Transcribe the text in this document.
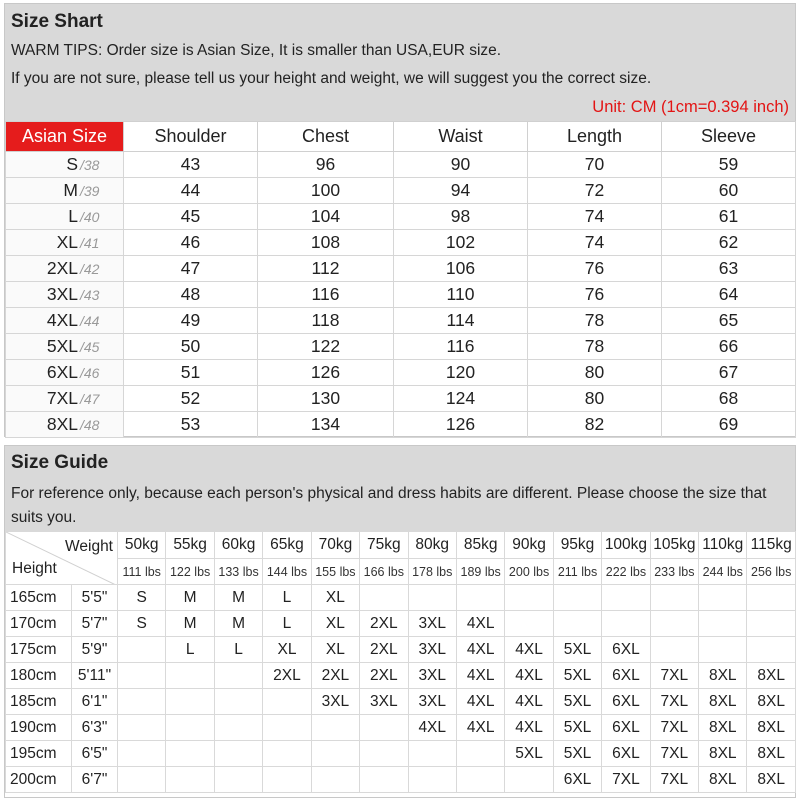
Size Shart
WARM TIPS: Order size is Asian Size, It is smaller than USA,EUR size.
If you are not sure, please tell us your height and weight, we will suggest you the correct size.
Unit: CM (1cm=0.394 inch)
Asian Size	Shoulder	Chest	Waist	Length	Sleeve
S /38	43	96	90	70	59
M /39	44	100	94	72	60
L /40	45	104	98	74	61
XL /41	46	108	102	74	62
2XL /42	47	112	106	76	63
3XL /43	48	116	110	76	64
4XL /44	49	118	114	78	65
5XL /45	50	122	116	78	66
6XL /46	51	126	120	80	67
7XL /47	52	130	124	80	68
8XL /48	53	134	126	82	69
Size Guide
For reference only, because each person's physical and dress habits are different. Please choose the size that suits you.
Weight
Height		50kg	55kg	60kg	65kg	70kg	75kg	80kg	85kg	90kg	95kg	100kg	105kg	110kg	115kg
		111 lbs	122 lbs	133 lbs	144 lbs	155 lbs	166 lbs	178 lbs	189 lbs	200 lbs	211 lbs	222 lbs	233 lbs	244 lbs	256 lbs
165cm	5'5"	S	M	M	L	XL									
170cm	5'7"	S	M	M	L	XL	2XL	3XL	4XL						
175cm	5'9"		L	L	XL	XL	2XL	3XL	4XL	4XL	5XL	6XL			
180cm	5'11"				2XL	2XL	2XL	3XL	4XL	4XL	5XL	6XL	7XL	8XL	8XL
185cm	6'1"					3XL	3XL	3XL	4XL	4XL	5XL	6XL	7XL	8XL	8XL
190cm	6'3"							4XL	4XL	4XL	5XL	6XL	7XL	8XL	8XL
195cm	6'5"									5XL	5XL	6XL	7XL	8XL	8XL
200cm	6'7"										6XL	7XL	7XL	8XL	8XL
